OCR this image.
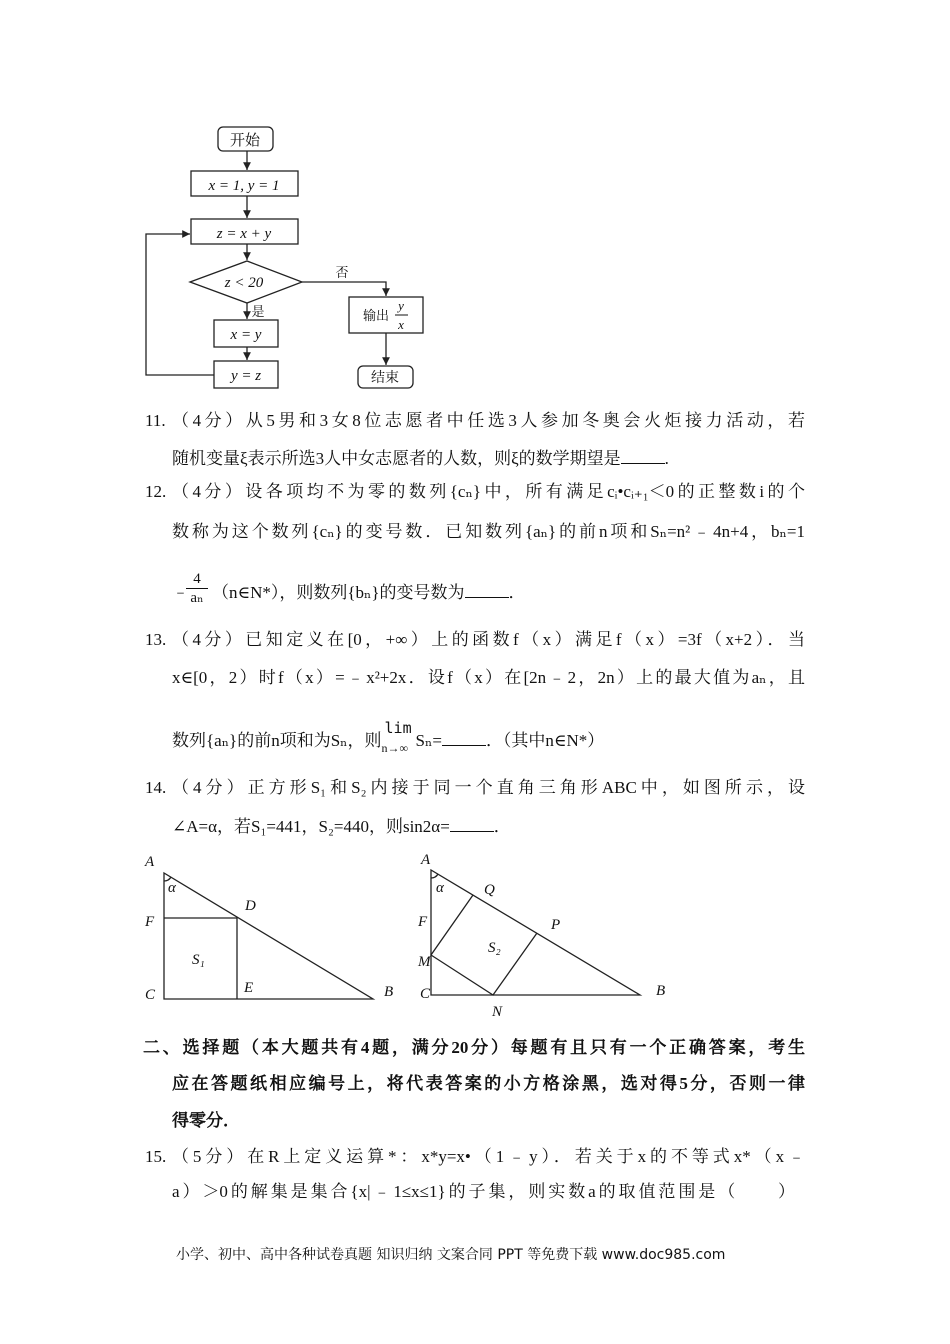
开始
x = 1, y = 1
z = x + y
z < 20
是
否
x = y
y = z
输出
y
x
结束
11. （4分）从5男和3女8位志愿者中任选3人参加冬奥会火炬接力活动，若
随机变量ξ表示所选3人中女志愿者的人数，则ξ的数学期望是	.
12. （4分）设各项均不为零的数列{cₙ}中，所有满足cᵢ•cᵢ₊₁＜0的正整数i的个
数称为这个数列{cₙ}的变号数．已知数列{aₙ}的前n项和Sₙ=n²﹣4n+4，bₙ=1
﹣
$\frac{4}{\text{aₙ}}$ （n∈N*），则数列{bₙ}的变号数为	．
13. （4分）已知定义在[0，+∞）上的函数f（x）满足f（x）=3f（x+2）．当
x∈[0，2）时f（x）=﹣x²+2x．设f（x）在[2n﹣2，2n）上的最大值为aₙ，且
数列{aₙ}的前n项和为Sₙ，则
lim
n→∞ Sₙ=	．（其中n∈N*）
14. （4分）正方形S₁和S₂内接于同一个直角三角形ABC中，如图所示，设
∠A=α，若S₁=441，S₂=440，则sin2α=	．
A
α
D
F
S₁
C	E	B
A
α	Q
F	P
S₂
M
C
N
B
二、选择题（本大题共有4题，满分20分）每题有且只有一个正确答案，考生
应在答题纸相应编号上，将代表答案的小方格涂黑，选对得5分，否则一律
得零分．
15. （5分）在R上定义运算*：x*y=x•（1﹣y）．若关于x的不等式x*（x﹣
a）＞0的解集是集合{x|﹣1≤x≤1}的子集，则实数a的取值范围是（　　）
小学、初中、高中各种试卷真题 知识归纳 文案合同 PPT 等免费下载 www.doc985.com
